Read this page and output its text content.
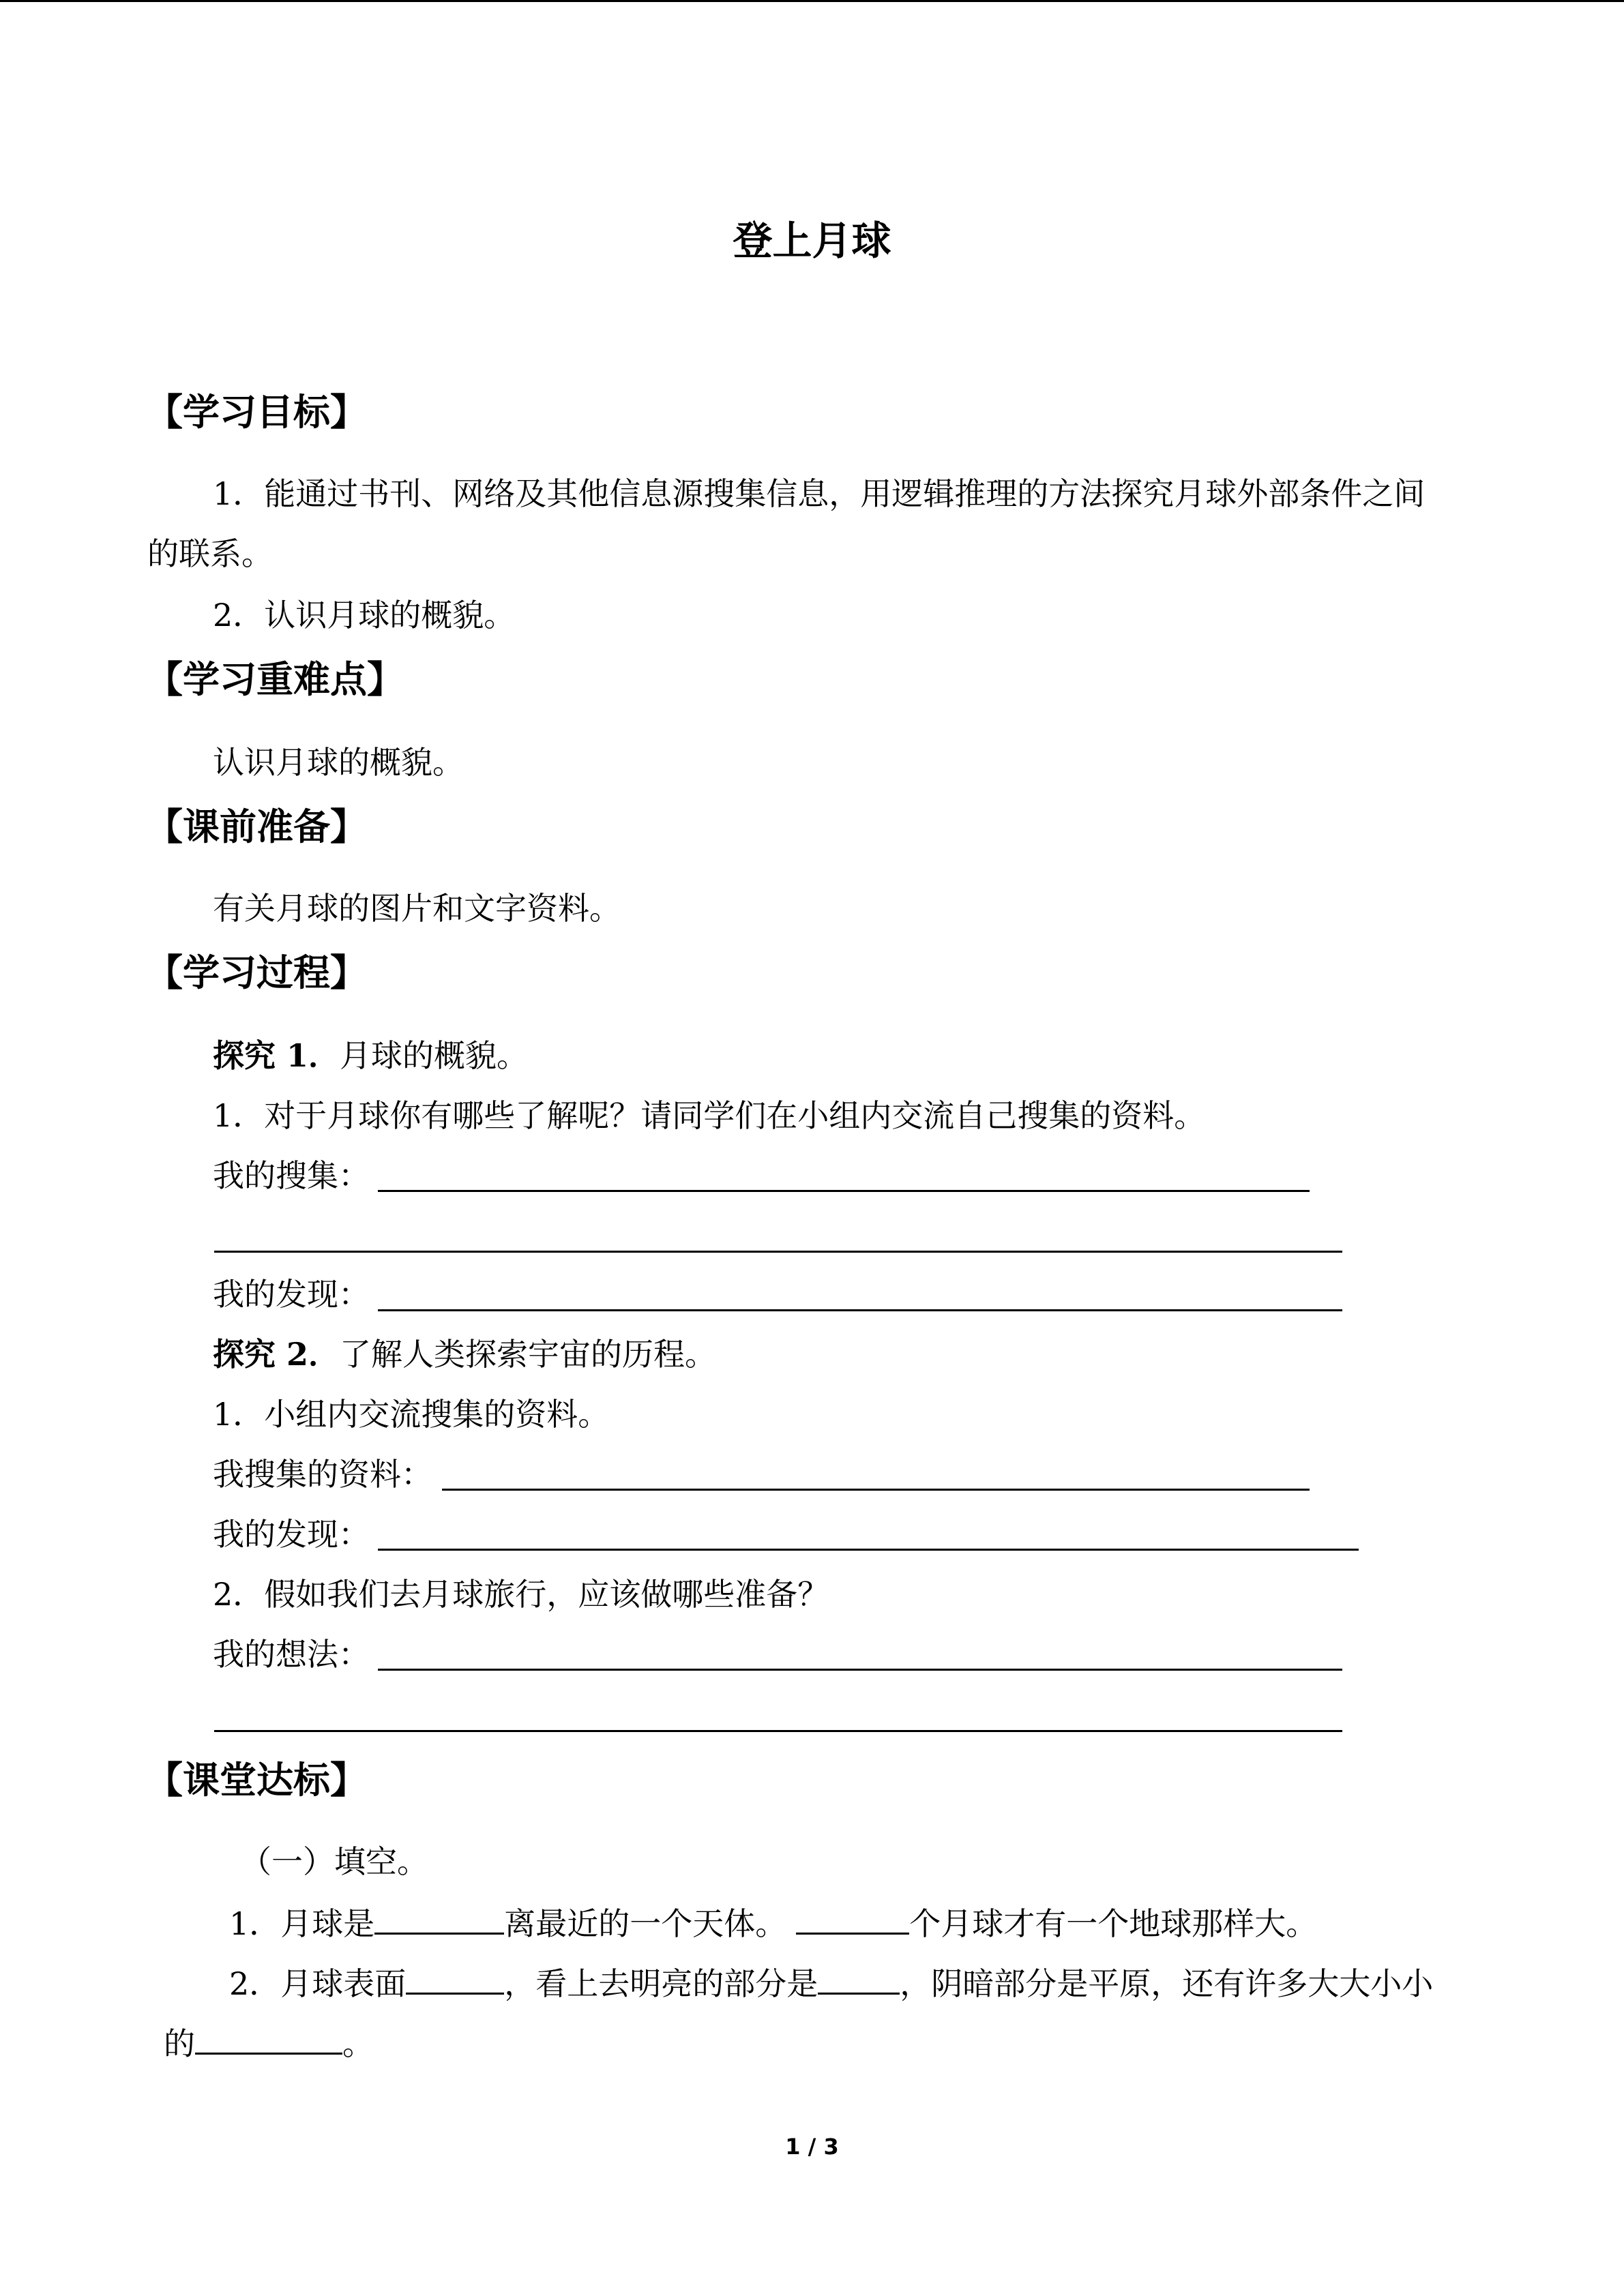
登上月球
【学习目标】
1．能通过书刊、网络及其他信息源搜集信息，用逻辑推理的方法探究月球外部条件之间
的联系。
2．认识月球的概貌。
【学习重难点】
认识月球的概貌。
【课前准备】
有关月球的图片和文字资料。
【学习过程】
探究 1．月球的概貌。
1．对于月球你有哪些了解呢？请同学们在小组内交流自己搜集的资料。
我的搜集：
我的发现：
探究 2．了解人类探索宇宙的历程。
1．小组内交流搜集的资料。
我搜集的资料：
我的发现：
2．假如我们去月球旅行，应该做哪些准备？
我的想法：
【课堂达标】
（一）填空。
1．月球是	离最近的一个天体。	个月球才有一个地球那样大。
2．月球表面	，看上去明亮的部分是	，阴暗部分是平原，还有许多大大小小
的	。
1 / 3
